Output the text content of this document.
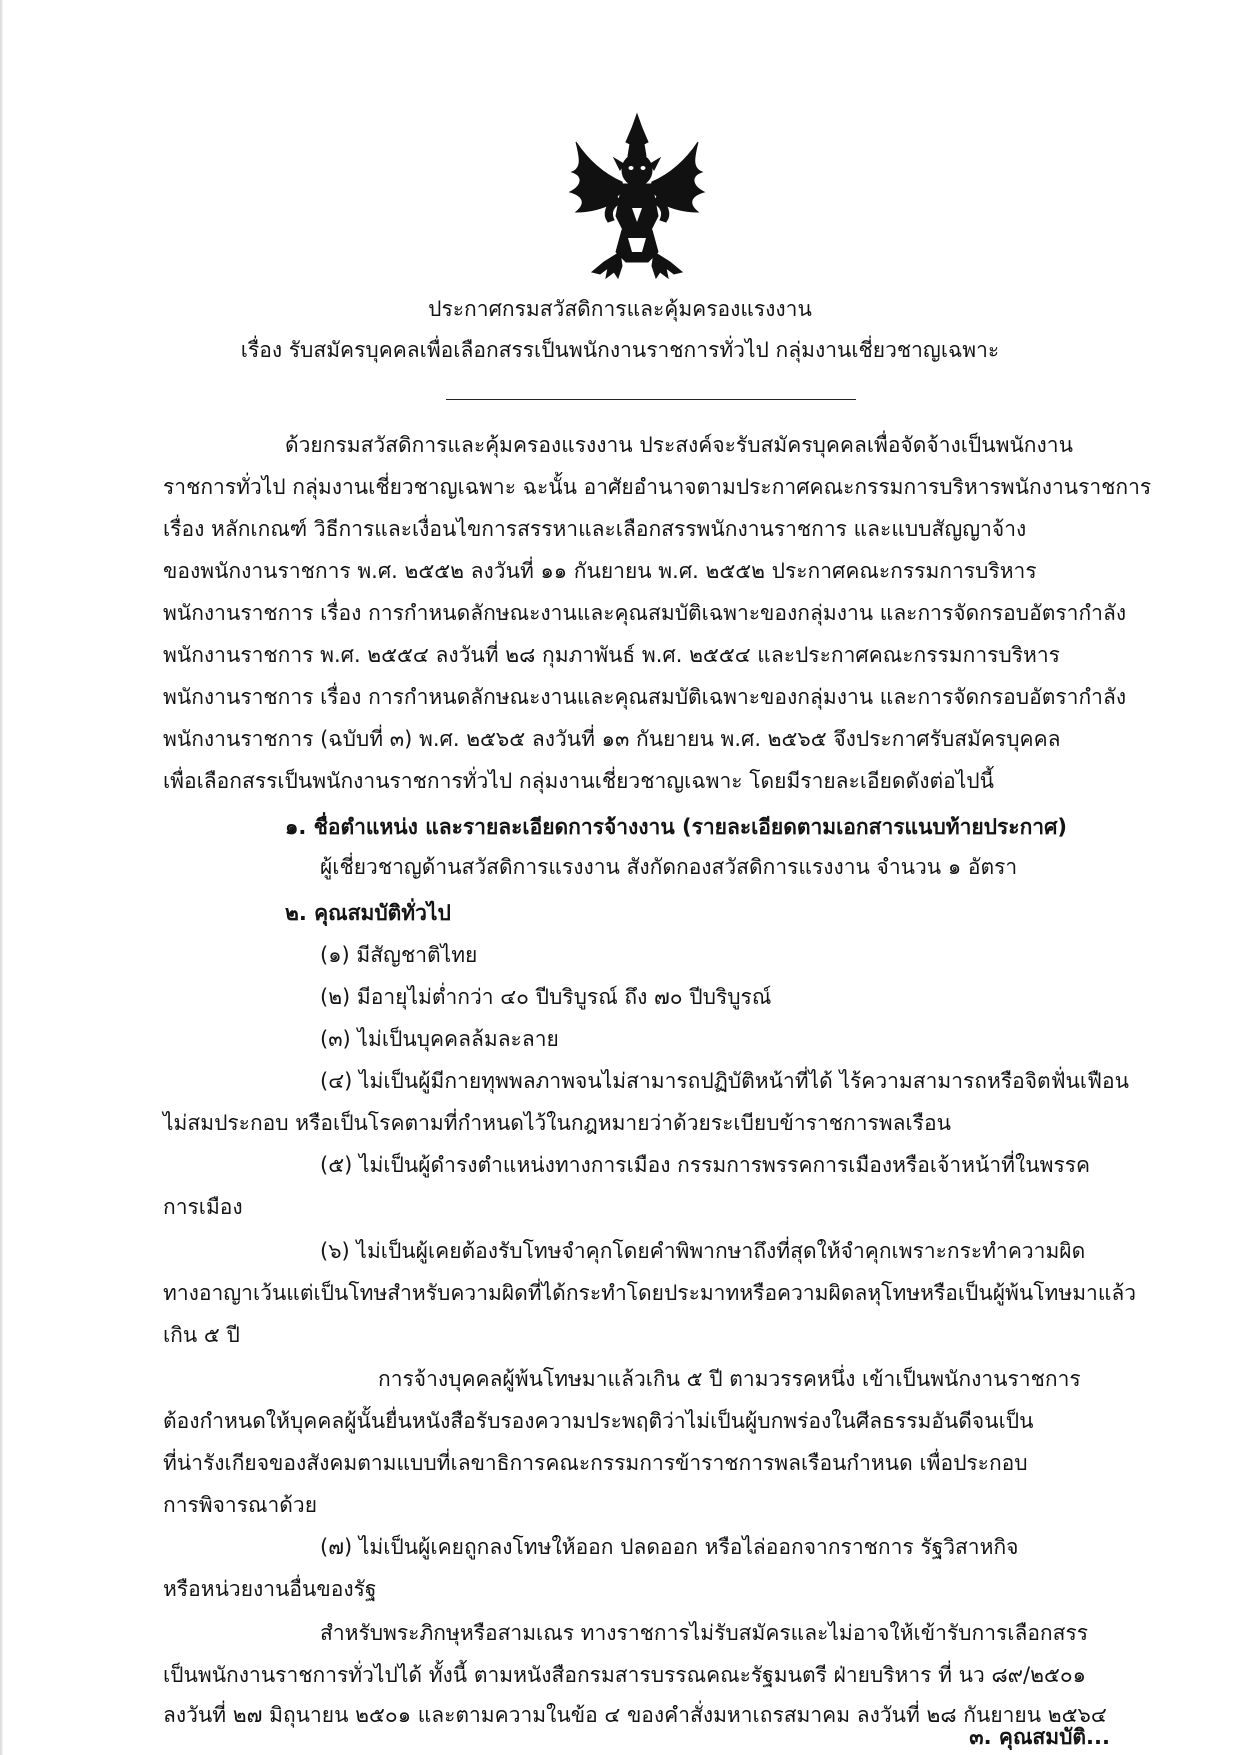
ประกาศกรมสวัสดิการและคุ้มครองแรงงาน
เรื่อง รับสมัครบุคคลเพื่อเลือกสรรเป็นพนักงานราชการทั่วไป กลุ่มงานเชี่ยวชาญเฉพาะ
ด้วยกรมสวัสดิการและคุ้มครองแรงงาน ประสงค์จะรับสมัครบุคคลเพื่อจัดจ้างเป็นพนักงาน
ราชการทั่วไป กลุ่มงานเชี่ยวชาญเฉพาะ ฉะนั้น อาศัยอำนาจตามประกาศคณะกรรมการบริหารพนักงานราชการ
เรื่อง หลักเกณฑ์ วิธีการและเงื่อนไขการสรรหาและเลือกสรรพนักงานราชการ และแบบสัญญาจ้าง
ของพนักงานราชการ พ.ศ. ๒๕๕๒ ลงวันที่ ๑๑ กันยายน พ.ศ. ๒๕๕๒ ประกาศคณะกรรมการบริหาร
พนักงานราชการ เรื่อง การกำหนดลักษณะงานและคุณสมบัติเฉพาะของกลุ่มงาน และการจัดกรอบอัตรากำลัง
พนักงานราชการ พ.ศ. ๒๕๕๔ ลงวันที่ ๒๘ กุมภาพันธ์ พ.ศ. ๒๕๕๔ และประกาศคณะกรรมการบริหาร
พนักงานราชการ เรื่อง การกำหนดลักษณะงานและคุณสมบัติเฉพาะของกลุ่มงาน และการจัดกรอบอัตรากำลัง
พนักงานราชการ (ฉบับที่ ๓) พ.ศ. ๒๕๖๕ ลงวันที่ ๑๓ กันยายน พ.ศ. ๒๕๖๕ จึงประกาศรับสมัครบุคคล
เพื่อเลือกสรรเป็นพนักงานราชการทั่วไป กลุ่มงานเชี่ยวชาญเฉพาะ โดยมีรายละเอียดดังต่อไปนี้
๑. ชื่อตำแหน่ง และรายละเอียดการจ้างงาน (รายละเอียดตามเอกสารแนบท้ายประกาศ)
ผู้เชี่ยวชาญด้านสวัสดิการแรงงาน สังกัดกองสวัสดิการแรงงาน จำนวน ๑ อัตรา
๒. คุณสมบัติทั่วไป
(๑) มีสัญชาติไทย
(๒) มีอายุไม่ต่ำกว่า ๔๐ ปีบริบูรณ์ ถึง ๗๐ ปีบริบูรณ์
(๓) ไม่เป็นบุคคลล้มละลาย
(๔) ไม่เป็นผู้มีกายทุพพลภาพจนไม่สามารถปฏิบัติหน้าที่ได้ ไร้ความสามารถหรือจิตฟั่นเฟือน
ไม่สมประกอบ หรือเป็นโรคตามที่กำหนดไว้ในกฎหมายว่าด้วยระเบียบข้าราชการพลเรือน
(๕) ไม่เป็นผู้ดำรงตำแหน่งทางการเมือง กรรมการพรรคการเมืองหรือเจ้าหน้าที่ในพรรค
การเมือง
(๖) ไม่เป็นผู้เคยต้องรับโทษจำคุกโดยคำพิพากษาถึงที่สุดให้จำคุกเพราะกระทำความผิด
ทางอาญาเว้นแต่เป็นโทษสำหรับความผิดที่ได้กระทำโดยประมาทหรือความผิดลหุโทษหรือเป็นผู้พ้นโทษมาแล้ว
เกิน ๕ ปี
การจ้างบุคคลผู้พ้นโทษมาแล้วเกิน ๕ ปี ตามวรรคหนึ่ง เข้าเป็นพนักงานราชการ
ต้องกำหนดให้บุคคลผู้นั้นยื่นหนังสือรับรองความประพฤติว่าไม่เป็นผู้บกพร่องในศีลธรรมอันดีจนเป็น
ที่น่ารังเกียจของสังคมตามแบบที่เลขาธิการคณะกรรมการข้าราชการพลเรือนกำหนด เพื่อประกอบ
การพิจารณาด้วย
(๗) ไม่เป็นผู้เคยถูกลงโทษให้ออก ปลดออก หรือไล่ออกจากราชการ รัฐวิสาหกิจ
หรือหน่วยงานอื่นของรัฐ
สำหรับพระภิกษุหรือสามเณร ทางราชการไม่รับสมัครและไม่อาจให้เข้ารับการเลือกสรร
เป็นพนักงานราชการทั่วไปได้ ทั้งนี้ ตามหนังสือกรมสารบรรณคณะรัฐมนตรี ฝ่ายบริหาร ที่ นว ๘๙/๒๕๐๑
ลงวันที่ ๒๗ มิถุนายน ๒๕๐๑ และตามความในข้อ ๔ ของคำสั่งมหาเถรสมาคม ลงวันที่ ๒๘ กันยายน ๒๕๖๔
๓. คุณสมบัติ...
